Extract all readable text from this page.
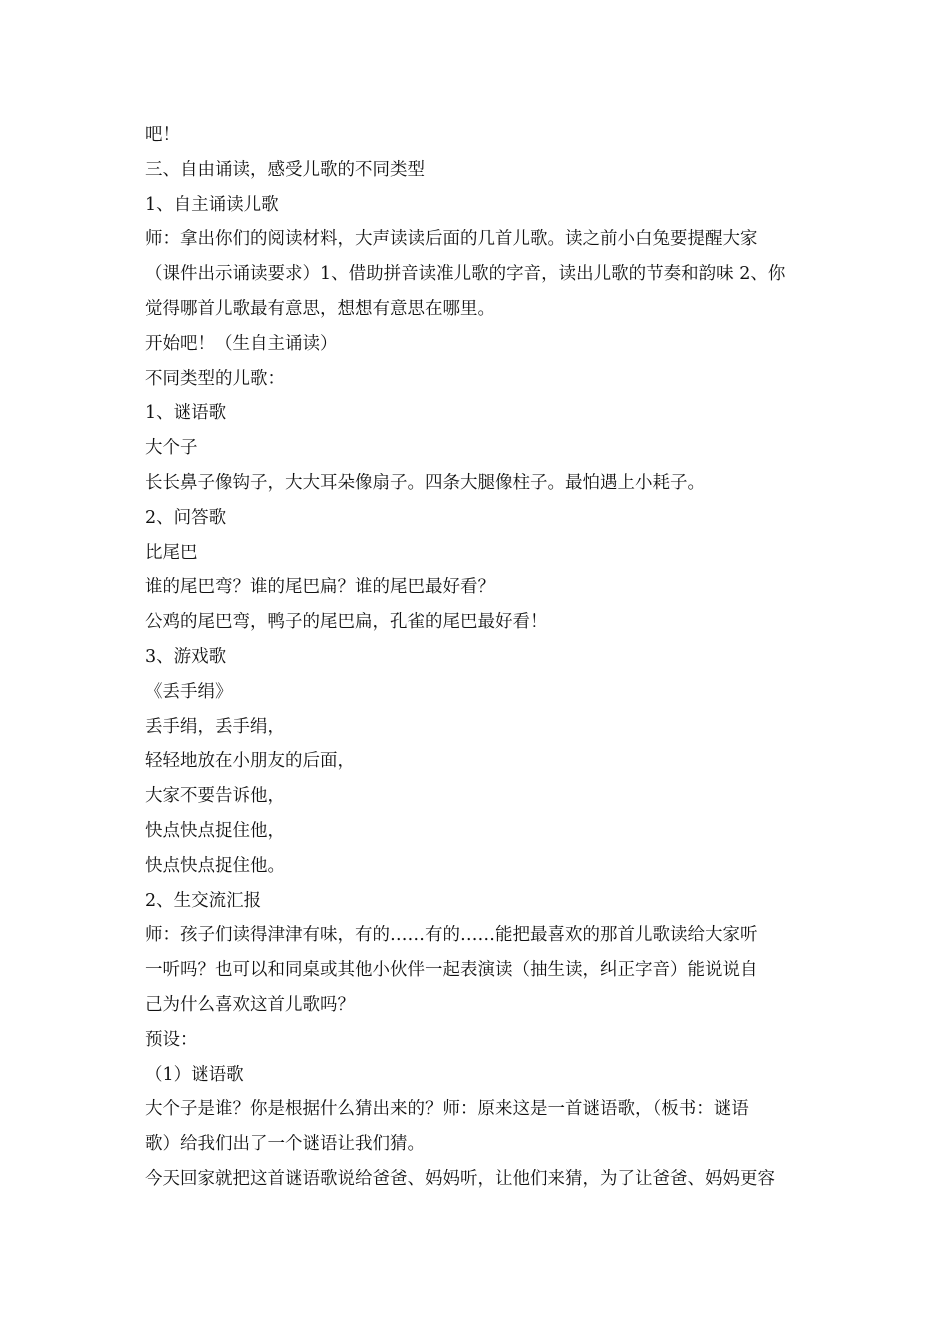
吧！
三、自由诵读，感受儿歌的不同类型
1、自主诵读儿歌
师：拿出你们的阅读材料，大声读读后面的几首儿歌。读之前小白兔要提醒大家
（课件出示诵读要求）1、借助拼音读准儿歌的字音，读出儿歌的节奏和韵味 2、你
觉得哪首儿歌最有意思，想想有意思在哪里。
开始吧！（生自主诵读）
不同类型的儿歌：
1、谜语歌
大个子
长长鼻子像钩子，大大耳朵像扇子。四条大腿像柱子。最怕遇上小耗子。
2、问答歌
比尾巴
谁的尾巴弯？谁的尾巴扁？谁的尾巴最好看？
公鸡的尾巴弯，鸭子的尾巴扁，孔雀的尾巴最好看！
3、游戏歌
《丢手绢》
丢手绢，丢手绢，
轻轻地放在小朋友的后面，
大家不要告诉他，
快点快点捉住他，
快点快点捉住他。
2、生交流汇报
师：孩子们读得津津有味，有的……有的……能把最喜欢的那首儿歌读给大家听
一听吗？也可以和同桌或其他小伙伴一起表演读（抽生读，纠正字音）能说说自
己为什么喜欢这首儿歌吗？
预设：
（1）谜语歌
大个子是谁？你是根据什么猜出来的？师：原来这是一首谜语歌，（板书：谜语
歌）给我们出了一个谜语让我们猜。
今天回家就把这首谜语歌说给爸爸、妈妈听，让他们来猜，为了让爸爸、妈妈更容
